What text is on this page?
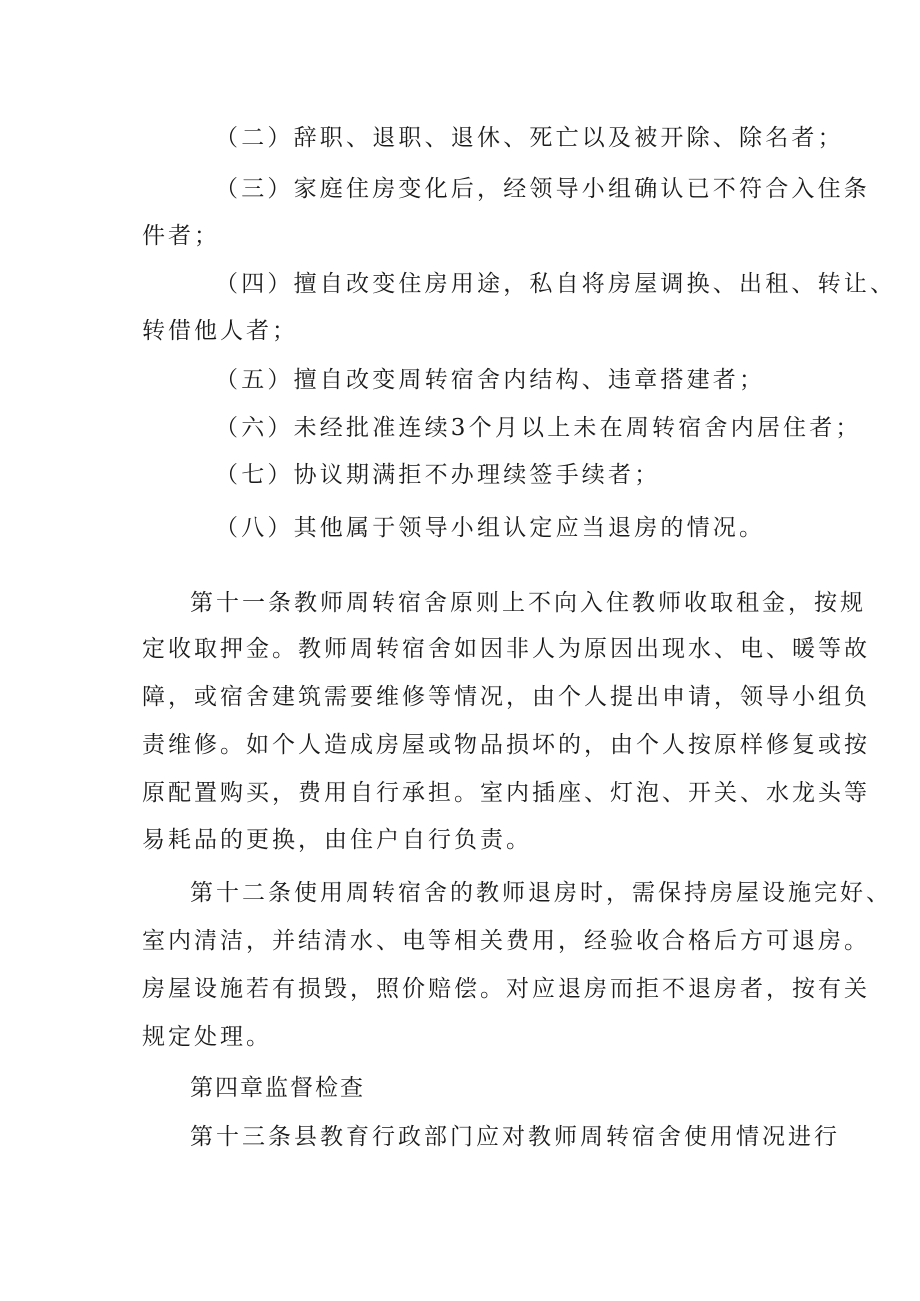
（二）辞职、退职、退休、死亡以及被开除、除名者；
（三）家庭住房变化后，经领导小组确认已不符合入住条
件者；
（四）擅自改变住房用途，私自将房屋调换、出租、转让、
转借他人者；
（五）擅自改变周转宿舍内结构、违章搭建者；
（六）未经批准连续3个月以上未在周转宿舍内居住者；
（七）协议期满拒不办理续签手续者；
（八）其他属于领导小组认定应当退房的情况。
第十一条教师周转宿舍原则上不向入住教师收取租金，按规
定收取押金。教师周转宿舍如因非人为原因出现水、电、暖等故
障，或宿舍建筑需要维修等情况，由个人提出申请，领导小组负
责维修。如个人造成房屋或物品损坏的，由个人按原样修复或按
原配置购买，费用自行承担。室内插座、灯泡、开关、水龙头等
易耗品的更换，由住户自行负责。
第十二条使用周转宿舍的教师退房时，需保持房屋设施完好、
室内清洁，并结清水、电等相关费用，经验收合格后方可退房。
房屋设施若有损毁，照价赔偿。对应退房而拒不退房者，按有关
规定处理。
第四章监督检查
第十三条县教育行政部门应对教师周转宿舍使用情况进行
